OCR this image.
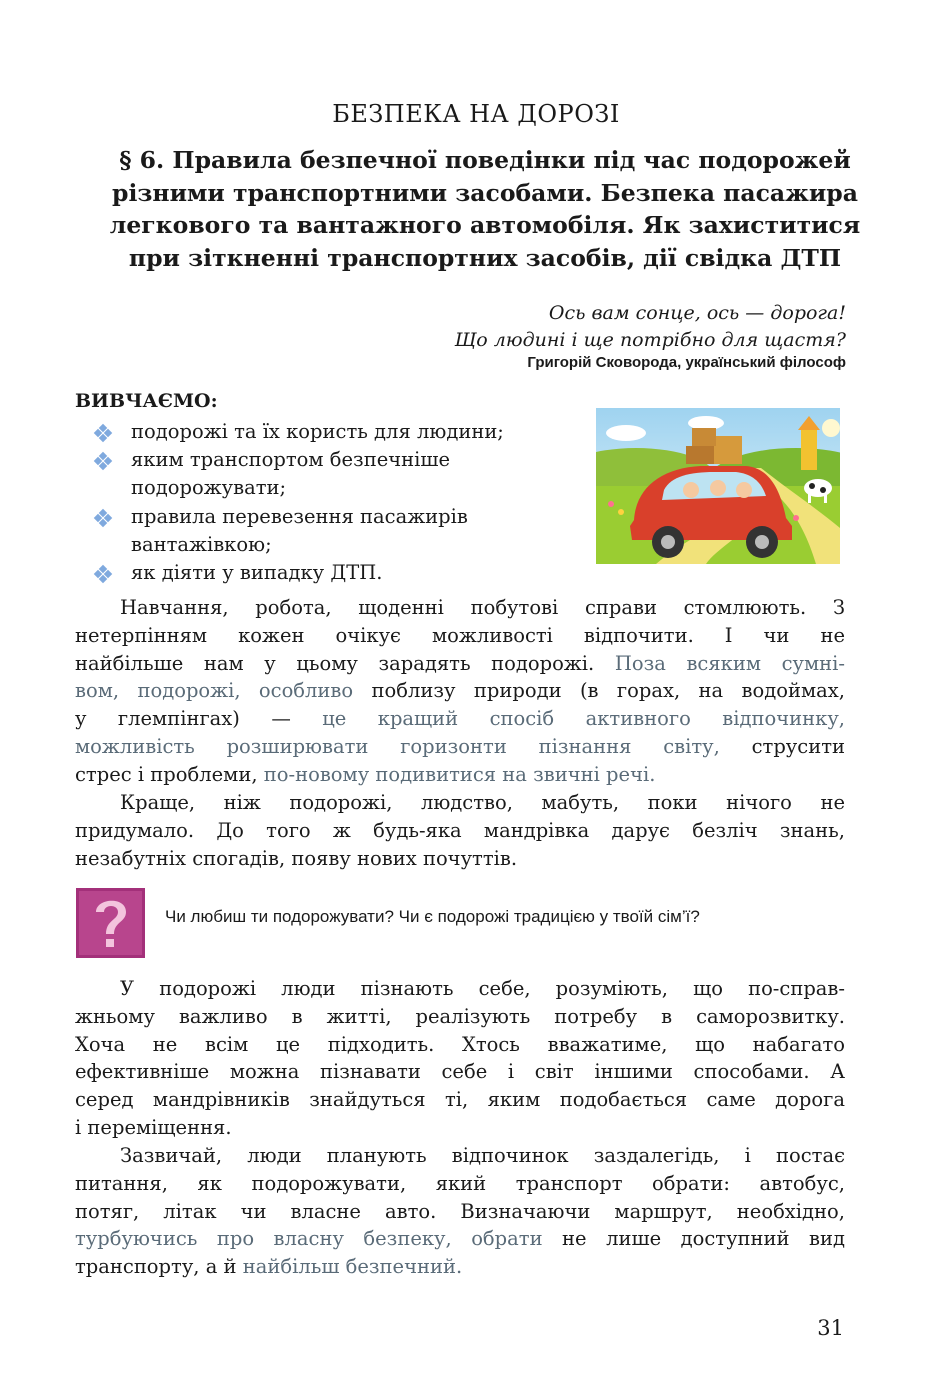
БЕЗПЕКА НА ДОРОЗІ
§ 6. Правила безпечної поведінки під час подорожей
різними транспортними засобами. Безпека пасажира
легкового та вантажного автомобіля. Як захиститися
при зіткненні транспортних засобів, дії свідка ДТП
Ось вам сонце, ось — дорога!
Що людині і ще потрібно для щастя?
Григорій Сковорода, український філософ
ВИВЧАЄМО:
подорожі та їх користь для людини;
яким транспортом безпечніше
подорожувати;
правила перевезення пасажирів
вантажівкою;
як діяти у випадку ДТП.
Навчання, робота, щоденні побутові справи стомлюють. З
нетерпінням кожен очікує можливості відпочити. І чи не
найбільше нам у цьому зарадять подорожі. Поза всяким сумні-
вом, подорожі, особливо поблизу природи (в горах, на водоймах,
у глемпінгах) — це кращий спосіб активного відпочинку,
можливість розширювати горизонти пізнання світу, струсити
стрес і проблеми, по-новому подивитися на звичні речі.
Краще, ніж подорожі, людство, мабуть, поки нічого не
придумало. До того ж будь-яка мандрівка дарує безліч знань,
незабутніх спогадів, появу нових почуттів.
Чи любиш ти подорожувати? Чи є подорожі традицією у твоїй сім’ї?
У подорожі люди пізнають себе, розуміють, що по-справ-
жньому важливо в житті, реалізують потребу в саморозвитку.
Хоча не всім це підходить. Хтось вважатиме, що набагато
ефективніше можна пізнавати себе і світ іншими способами. А
серед мандрівників знайдуться ті, яким подобається саме дорога
і переміщення.
Зазвичай, люди планують відпочинок заздалегідь, і постає
питання, як подорожувати, який транспорт обрати: автобус,
потяг, літак чи власне авто. Визначаючи маршрут, необхідно,
турбуючись про власну безпеку, обрати не лише доступний вид
транспорту, а й найбільш безпечний.
31
